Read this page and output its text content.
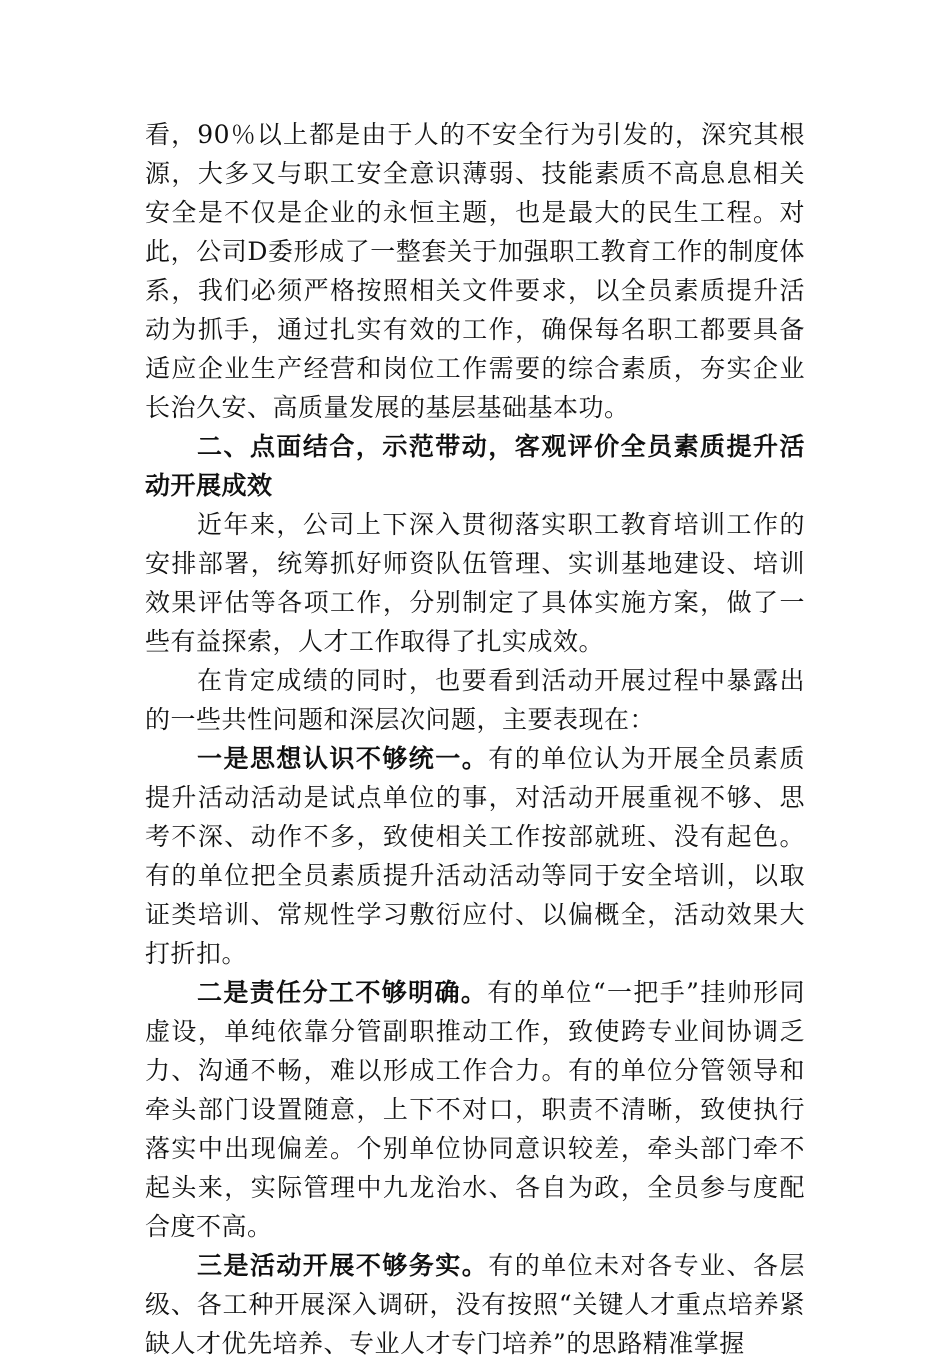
看，90％以上都是由于人的不安全行为引发的，深究其根源，大多又与职工安全意识薄弱、技能素质不高息息相关安全是不仅是企业的永恒主题，也是最大的民生工程。对此，公司D委形成了一整套关于加强职工教育工作的制度体系，我们必须严格按照相关文件要求，以全员素质提升活动为抓手，通过扎实有效的工作，确保每名职工都要具备适应企业生产经营和岗位工作需要的综合素质，夯实企业长治久安、高质量发展的基层基础基本功。

二、点面结合，示范带动，客观评价全员素质提升活动开展成效

近年来，公司上下深入贯彻落实职工教育培训工作的安排部署，统筹抓好师资队伍管理、实训基地建设、培训效果评估等各项工作，分别制定了具体实施方案，做了一些有益探索，人才工作取得了扎实成效。

在肯定成绩的同时，也要看到活动开展过程中暴露出的一些共性问题和深层次问题，主要表现在：

一是思想认识不够统一。有的单位认为开展全员素质提升活动活动是试点单位的事，对活动开展重视不够、思考不深、动作不多，致使相关工作按部就班、没有起色。有的单位把全员素质提升活动活动等同于安全培训，以取证类培训、常规性学习敷衍应付、以偏概全，活动效果大打折扣。

二是责任分工不够明确。有的单位“一把手”挂帅形同虚设，单纯依靠分管副职推动工作，致使跨专业间协调乏力、沟通不畅，难以形成工作合力。有的单位分管领导和牵头部门设置随意，上下不对口，职责不清晰，致使执行落实中出现偏差。个别单位协同意识较差，牵头部门牵不起头来，实际管理中九龙治水、各自为政，全员参与度配合度不高。

三是活动开展不够务实。有的单位未对各专业、各层级、各工种开展深入调研，没有按照“关键人才重点培养紧缺人才优先培养、专业人才专门培养”的思路精准掌握
